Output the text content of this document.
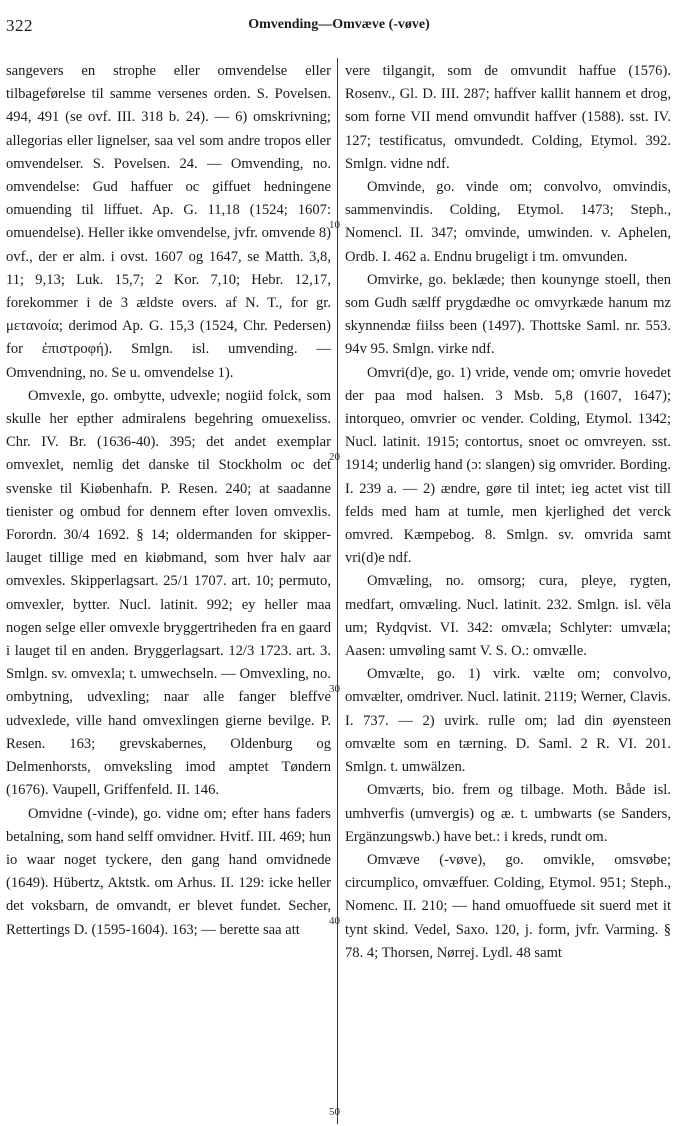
322	Omvending—Omvæve (-vøve)

sangevers en strophe eller omvendelse eller tilbageførelse til samme versenes orden. S. Povelsen. 494, 491 (se ovf. III. 318 b. 24). — 6) omskrivning; allegorias eller lignelser, saa vel som andre tropos eller omvendelser. S. Povelsen. 24. — Omvending, no. omvendelse: Gud haffuer oc giffuet hedningene omuending til liffuet. Ap. G. 11,18 (1524; 1607: omuendelse). Heller ikke omvendelse, jvfr. omvende 8) ovf., der er alm. i ovst. 1607 og 1647, se Matth. 3,8, 11; 9,13; Luk. 15,7; 2 Kor. 7,10; Hebr. 12,17, forekommer i de 3 ældste overs. af N. T., for gr. μετανοία; derimod Ap. G. 15,3 (1524, Chr. Pedersen) for ἐπιστροφή). Smlgn. isl. umvending. — Omvendning, no. Se u. omvendelse 1).

Omvexle, go. ombytte, udvexle; nogiid folck, som skulle her epther admiralens begehring omuexeliss. Chr. IV. Br. (1636-40). 395; det andet exemplar omvexlet, nemlig det danske til Stockholm oc det svenske til Kiøbenhafn. P. Resen. 240; at saadanne tienister og ombud for dennem efter loven omvexlis. Forordn. 30/4 1692. § 14; oldermanden for skipper-lauget tillige med en kiøbmand, som hver halv aar omvexles. Skipperlagsart. 25/1 1707. art. 10; permuto, omvexler, bytter. Nucl. latinit. 992; ey heller maa nogen selge eller omvexle bryggertriheden fra en gaard i lauget til en anden. Bryggerlagsart. 12/3 1723. art. 3. Smlgn. sv. omvexla; t. umwechseln. — Omvexling, no. ombytning, udvexling; naar alle fanger bleffve udvexlede, ville hand omvexlingen gierne bevilge. P. Resen. 163; grevskabernes, Oldenburg og Delmenhorsts, omveksling imod amptet Tøndern (1676). Vaupell, Griffenfeld. II. 146.

Omvidne (-vinde), go. vidne om; efter hans faders betalning, som hand selff omvidner. Hvitf. III. 469; hun io waar noget tyckere, den gang hand omvidnede (1649). Hübertz, Aktstk. om Arhus. II. 129: icke heller det voksbarn, de omvandt, er blevet fundet. Secher, Rettertings D. (1595-1604). 163; — berette saa att

10
20
30
40
50

vere tilgangit, som de omvundit haffue (1576). Rosenv., Gl. D. III. 287; haffver kallit hannem et drog, som forne VII mend omvundit haffver (1588). sst. IV. 127; testificatus, omvundedt. Colding, Etymol. 392. Smlgn. vidne ndf.

Omvinde, go. vinde om; convolvo, omvindis, sammenvindis. Colding, Etymol. 1473; Steph., Nomencl. II. 347; omvinde, umwinden. v. Aphelen, Ordb. I. 462 a. Endnu brugeligt i tm. omvunden.

Omvirke, go. beklæde; then kounynge stoell, then som Gudh sælff prygdædhe oc omvyrkæde hanum mz skynnendæ fiilss been (1497). Thottske Saml. nr. 553. 94v 95. Smlgn. virke ndf.

Omvri(d)e, go. 1) vride, vende om; omvrie hovedet der paa mod halsen. 3 Msb. 5,8 (1607, 1647); intorqueo, omvrier oc vender. Colding, Etymol. 1342; Nucl. latinit. 1915; contortus, snoet oc omvreyen. sst. 1914; underlig hand (ɔ: slangen) sig omvrider. Bording. I. 239 a. — 2) ændre, gøre til intet; ieg actet vist till felds med ham at tumle, men kjerlighed det verck omvred. Kæmpebog. 8. Smlgn. sv. omvrida samt vri(d)e ndf.

Omvæling, no. omsorg; cura, pleye, rygten, medfart, omvæling. Nucl. latinit. 232. Smlgn. isl. vēla um; Rydqvist. VI. 342: omvæla; Schlyter: umvæla; Aasen: umvøling samt V. S. O.: omvælle.

Omvælte, go. 1) virk. vælte om; convolvo, omvælter, omdriver. Nucl. latinit. 2119; Werner, Clavis. I. 737. — 2) uvirk. rulle om; lad din øyensteen omvælte som en tærning. D. Saml. 2 R. VI. 201. Smlgn. t. umwälzen.

Omværts, bio. frem og tilbage. Moth. Både isl. umhverfis (umvergis) og æ. t. umbwarts (se Sanders, Ergänzungswb.) have bet.: i kreds, rundt om.

Omvæve (-vøve), go. omvikle, omsvøbe; circumplico, omvæffuer. Colding, Etymol. 951; Steph., Nomenc. II. 210; — hand omuoffuede sit suerd met it tynt skind. Vedel, Saxo. 120, j. form, jvfr. Varming. § 78. 4; Thorsen, Nørrej. Lydl. 48 samt
